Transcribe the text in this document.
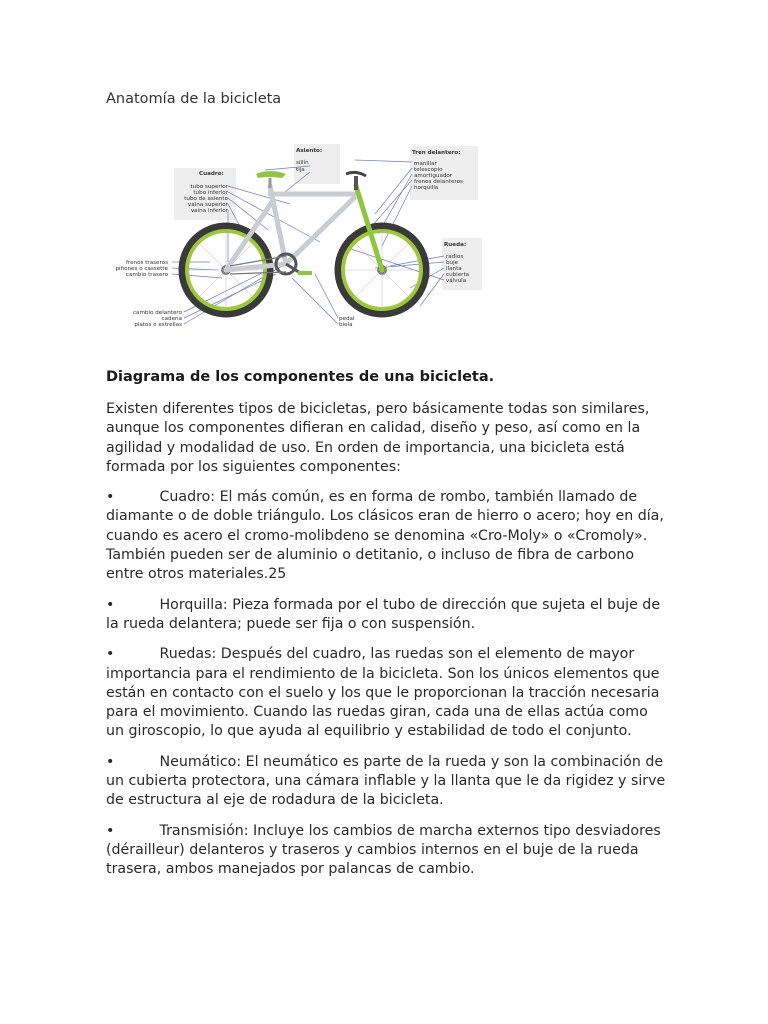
Anatomía de la bicicleta
Asiento:
sillín
tija
Tren delantero:
manillar
telescopio
amortiguador
frenos delanteros
horquilla
Cuadro:
tubo superior
tubo inferior
tubo de asiento
vaina superior
vaina inferior
Rueda:
radios
buje
llanta
cubierta
válvula
frenos traseros
piñones o cassette
cambio trasero
cambio delantero
cadena
platos o estrellas
pedal
biela
Diagrama de los componentes de una bicicleta.

Existen diferentes tipos de bicicletas, pero básicamente todas son similares, aunque los componentes difieran en calidad, diseño y peso, así como en la agilidad y modalidad de uso. En orden de importancia, una bicicleta está formada por los siguientes componentes:

•	Cuadro: El más común, es en forma de rombo, también llamado de diamante o de doble triángulo. Los clásicos eran de hierro o acero; hoy en día, cuando es acero el cromo-molibdeno se denomina «Cro-Moly» o «Cromoly». También pueden ser de aluminio o detitanio, o incluso de fibra de carbono entre otros materiales.25

•	Horquilla: Pieza formada por el tubo de dirección que sujeta el buje de la rueda delantera; puede ser fija o con suspensión.

•	Ruedas: Después del cuadro, las ruedas son el elemento de mayor importancia para el rendimiento de la bicicleta. Son los únicos elementos que están en contacto con el suelo y los que le proporcionan la tracción necesaria para el movimiento. Cuando las ruedas giran, cada una de ellas actúa como un giroscopio, lo que ayuda al equilibrio y estabilidad de todo el conjunto.

•	Neumático: El neumático es parte de la rueda y son la combinación de un cubierta protectora, una cámara inflable y la llanta que le da rigidez y sirve de estructura al eje de rodadura de la bicicleta.

•	Transmisión: Incluye los cambios de marcha externos tipo desviadores (dérailleur) delanteros y traseros y cambios internos en el buje de la rueda trasera, ambos manejados por palancas de cambio.
